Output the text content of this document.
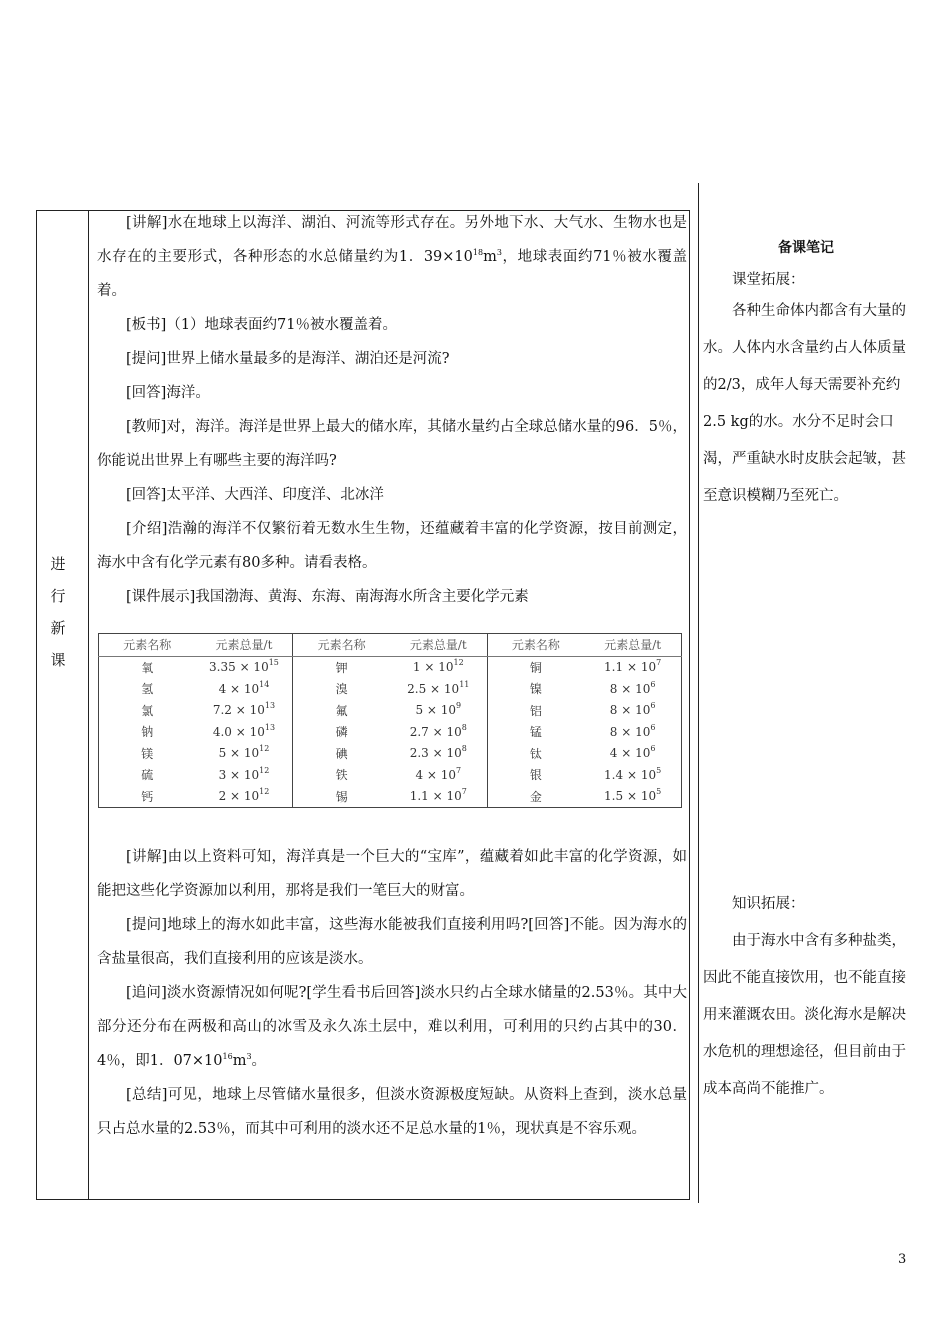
进
行
新
课

[讲解]水在地球上以海洋、湖泊、河流等形式存在。另外地下水、大气水、生物水也是水存在的主要形式，各种形态的水总储量约为1．$39\times 10^{18}m^3$，地球表面约71％被水覆盖着。

[板书]（1）地球表面约71％被水覆盖着。

[提问]世界上储水量最多的是海洋、湖泊还是河流?

[回答]海洋。

[教师]对，海洋。海洋是世界上最大的储水库，其储水量约占全球总储水量的96．5％，你能说出世界上有哪些主要的海洋吗?

[回答]太平洋、大西洋、印度洋、北冰洋

[介绍]浩瀚的海洋不仅繁衍着无数水生生物，还蕴藏着丰富的化学资源，按目前测定，海水中含有化学元素有80多种。请看表格。

[课件展示]我国渤海、黄海、东海、南海海水所含主要化学元素

元素名称	元素总量/t	元素名称	元素总量/t	元素名称	元素总量/t
氧	$3.35 \times 10^{15}$	钾	$1 \times 10^{12}$	铜	$1.1 \times 10^7$
氢	$4 \times 10^{14}$	溴	$2.5 \times 10^{11}$	镍	$8 \times 10^6$
氯	$7.2 \times 10^{13}$	氟	$5 \times 10^9$	铝	$8 \times 10^6$
钠	$4.0 \times 10^{13}$	磷	$2.7 \times 10^8$	锰	$8 \times 10^6$
镁	$5 \times 10^{12}$	碘	$2.3 \times 10^8$	钛	$4 \times 10^6$
硫	$3 \times 10^{12}$	铁	$4 \times 10^7$	银	$1.4 \times 10^5$
钙	$2 \times 10^{12}$	锡	$1.1 \times 10^7$	金	$1.5 \times 10^5$

[讲解]由以上资料可知，海洋真是一个巨大的“宝库”，蕴藏着如此丰富的化学资源，如能把这些化学资源加以利用，那将是我们一笔巨大的财富。

[提问]地球上的海水如此丰富，这些海水能被我们直接利用吗?[回答]不能。因为海水的含盐量很高，我们直接利用的应该是淡水。

[追问]淡水资源情况如何呢?[学生看书后回答]淡水只约占全球水储量的2.53％。其中大部分还分布在两极和高山的冰雪及永久冻土层中，难以利用，可利用的只约占其中的30．4％，即1．$07\times 10^{16}m^3$。

[总结]可见，地球上尽管储水量很多，但淡水资源极度短缺。从资料上查到，淡水总量只占总水量的2.53％，而其中可利用的淡水还不足总水量的1％，现状真是不容乐观。

备课笔记

课堂拓展：

各种生命体内都含有大量的水。人体内水含量约占人体质量的2/3，成年人每天需要补充约2.5 kg的水。水分不足时会口渴，严重缺水时皮肤会起皱，甚至意识模糊乃至死亡。

知识拓展：

由于海水中含有多种盐类，因此不能直接饮用，也不能直接用来灌溉农田。淡化海水是解决水危机的理想途径，但目前由于成本高尚不能推广。

3
